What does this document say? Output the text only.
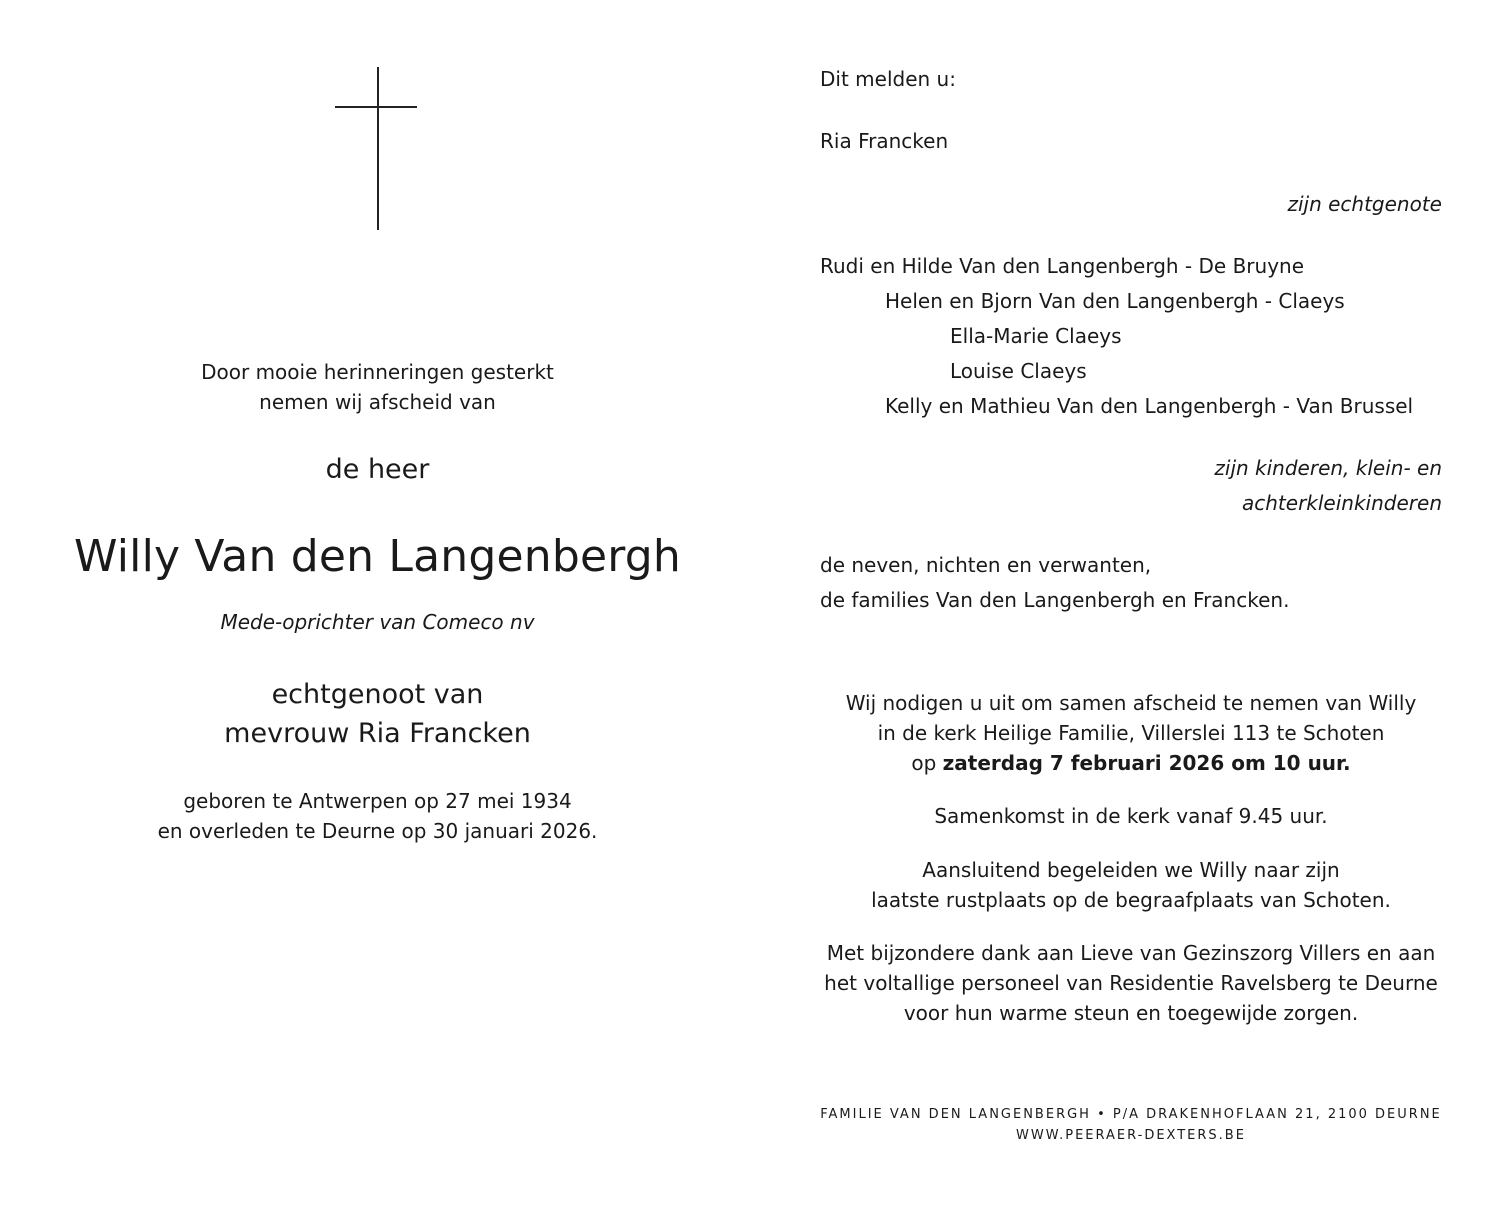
Door mooie herinneringen gesterkt
nemen wij afscheid van
de heer
Willy Van den Langenbergh
Mede-oprichter van Comeco nv
echtgenoot van
mevrouw Ria Francken
geboren te Antwerpen op 27 mei 1934
en overleden te Deurne op 30 januari 2026.
Dit melden u:
Ria Francken
zijn echtgenote
Rudi en Hilde Van den Langenbergh - De Bruyne
Helen en Bjorn Van den Langenbergh - Claeys
Ella-Marie Claeys
Louise Claeys
Kelly en Mathieu Van den Langenbergh - Van Brussel
zijn kinderen, klein- en
achterkleinkinderen
de neven, nichten en verwanten,
de families Van den Langenbergh en Francken.
Wij nodigen u uit om samen afscheid te nemen van Willy
in de kerk Heilige Familie, Villerslei 113 te Schoten
op zaterdag 7 februari 2026 om 10 uur.
Samenkomst in de kerk vanaf 9.45 uur.
Aansluitend begeleiden we Willy naar zijn
laatste rustplaats op de begraafplaats van Schoten.
Met bijzondere dank aan Lieve van Gezinszorg Villers en aan
het voltallige personeel van Residentie Ravelsberg te Deurne
voor hun warme steun en toegewijde zorgen.
FAMILIE VAN DEN LANGENBERGH • P/A DRAKENHOFLAAN 21, 2100 DEURNE
WWW.PEERAER-DEXTERS.BE
